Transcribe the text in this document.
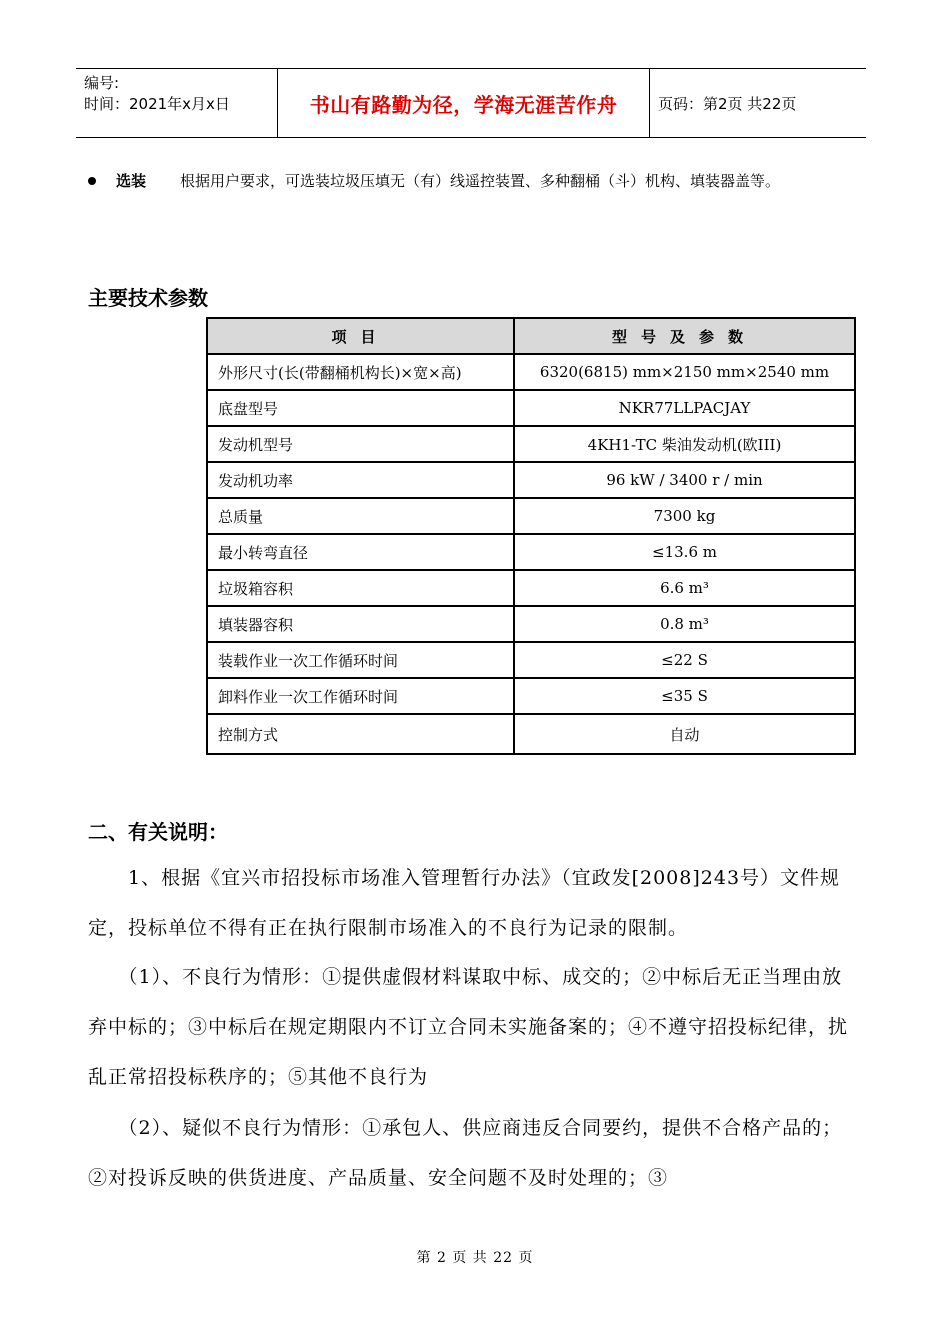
编号:
时间：2021年x月x日	书山有路勤为径，学海无涯苦作舟	页码：第2页 共22页
选装 根据用户要求，可选装垃圾压填无（有）线遥控装置、多种翻桶（斗）机构、填装器盖等。
主要技术参数
项目	型号及参数
外形尺寸(长(带翻桶机构长)×宽×高)	6320(6815) mm×2150 mm×2540 mm
底盘型号	NKR77LLPACJAY
发动机型号	4KH1-TC 柴油发动机(欧III)
发动机功率	96 kW / 3400 r / min
总质量	7300 kg
最小转弯直径	≤13.6 m
垃圾箱容积	6.6 m³
填装器容积	0.8 m³
装载作业一次工作循环时间	≤22 S
卸料作业一次工作循环时间	≤35 S
控制方式	自动
二、有关说明：
　　1、根据《宜兴市招投标市场准入管理暂行办法》（宜政发[2008]243号）文件规定，投标单位不得有正在执行限制市场准入的不良行为记录的限制。
　　（1）、不良行为情形：①提供虚假材料谋取中标、成交的；②中标后无正当理由放弃中标的；③中标后在规定期限内不订立合同未实施备案的；④不遵守招投标纪律，扰乱正常招投标秩序的；⑤其他不良行为
　　（2）、疑似不良行为情形：①承包人、供应商违反合同要约，提供不合格产品的；②对投诉反映的供货进度、产品质量、安全问题不及时处理的；③
第 2 页 共 22 页
